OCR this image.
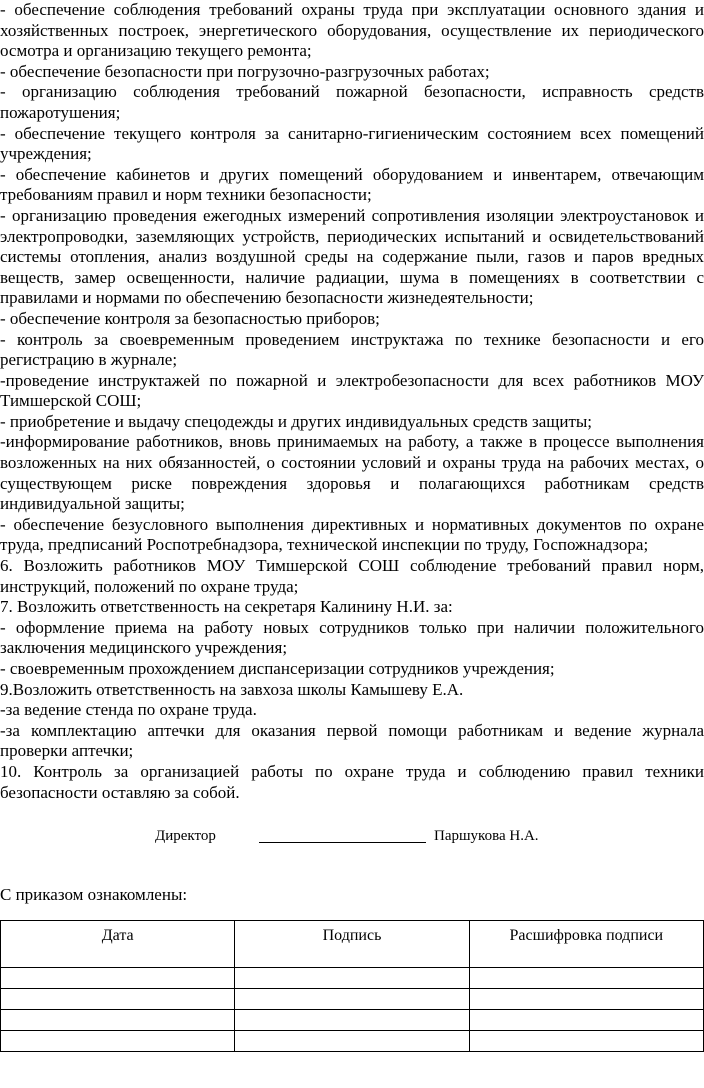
- обеспечение соблюдения требований охраны труда при эксплуатации основного здания и хозяйственных построек, энергетического оборудования, осуществление их периодического осмотра и организацию текущего ремонта;

- обеспечение безопасности при погрузочно-разгрузочных работах;

- организацию соблюдения требований пожарной безопасности, исправность средств пожаротушения;

- обеспечение текущего контроля за санитарно-гигиеническим состоянием всех помещений учреждения;

- обеспечение кабинетов и других помещений оборудованием и инвентарем, отвечающим требованиям правил и норм техники безопасности;

- организацию проведения ежегодных измерений сопротивления изоляции электроустановок и электропроводки, заземляющих устройств, периодических испытаний и освидетельствований системы отопления, анализ воздушной среды на содержание пыли, газов и паров вредных веществ, замер освещенности, наличие радиации, шума в помещениях в соответствии с правилами и нормами по обеспечению безопасности жизнедеятельности;

- обеспечение контроля за безопасностью приборов;

- контроль за своевременным проведением инструктажа по технике безопасности и его регистрацию в журнале;

-проведение инструктажей по пожарной и электробезопасности для всех работников МОУ Тимшерской СОШ;

- приобретение и выдачу спецодежды и других индивидуальных средств защиты;

-информирование работников, вновь принимаемых на работу, а также в процессе выполнения возложенных на них обязанностей, о состоянии условий и охраны труда на рабочих местах, о существующем риске повреждения здоровья и полагающихся работникам средств индивидуальной защиты;

- обеспечение безусловного выполнения директивных и нормативных документов по охране труда, предписаний Роспотребнадзора, технической инспекции по труду, Госпожнадзора;

6. Возложить работников МОУ Тимшерской СОШ соблюдение требований правил норм, инструкций, положений по охране труда;

7. Возложить ответственность на секретаря Калинину Н.И. за:

- оформление приема на работу новых сотрудников только при наличии положительного заключения медицинского учреждения;

- своевременным прохождением диспансеризации сотрудников учреждения;

9.Возложить ответственность на завхоза школы Камышеву Е.А.

-за ведение стенда по охране труда.

-за комплектацию аптечки для оказания первой помощи работникам и ведение журнала проверки аптечки;

10. Контроль за организацией работы по охране труда и соблюдению правил техники безопасности оставляю за собой.

Директор	Паршукова Н.А.
С приказом ознакомлены:
Дата	Подпись	Расшифровка подписи
